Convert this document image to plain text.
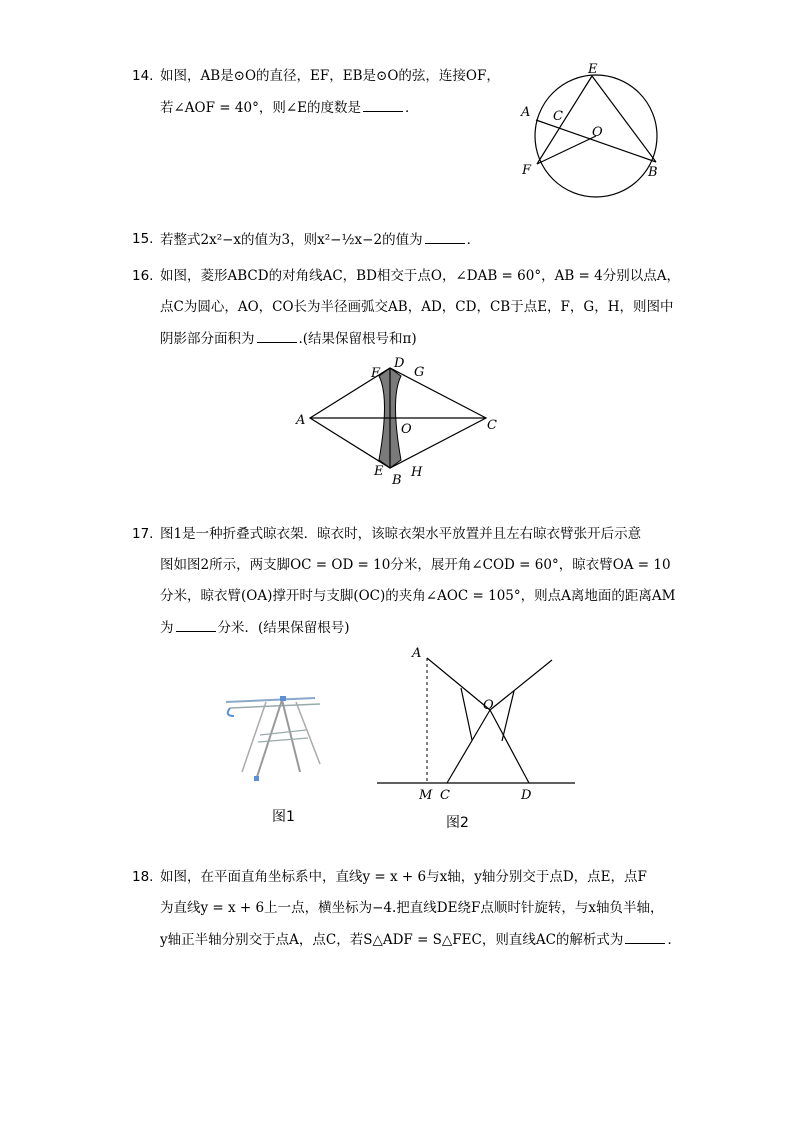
14. 如图，AB是⊙O的直径，EF，EB是⊙O的弦，连接OF，
若∠AOF = 40°，则∠E的度数是	．
E
A C
O
F	B
15. 若整式2x²−x的值为3，则x²−½x−2的值为	．
16. 如图，菱形ABCD的对角线AC，BD相交于点O，∠DAB = 60°，AB = 4分别以点A，
点C为圆心，AO，CO长为半径画弧交AB，AD，CD，CB于点E，F，G，H，则图中
阴影部分面积为	.(结果保留根号和π)
D
F	G
A
O	C
E
B
H
17. 图1是一种折叠式晾衣架．晾衣时，该晾衣架水平放置并且左右晾衣臂张开后示意
图如图2所示，两支脚OC = OD = 10分米，展开角∠COD = 60°，晾衣臂OA = 10
分米，晾衣臂(OA)撑开时与支脚(OC)的夹角∠AOC = 105°，则点A离地面的距离AM
为	分米．(结果保留根号)
图1
A
O
M C	D
图2
18. 如图，在平面直角坐标系中，直线y = x + 6与x轴，y轴分别交于点D，点E，点F
为直线y = x + 6上一点，横坐标为−4.把直线DE绕F点顺时针旋转，与x轴负半轴，
y轴正半轴分别交于点A，点C，若S△ADF = S△FEC，则直线AC的解析式为	．
